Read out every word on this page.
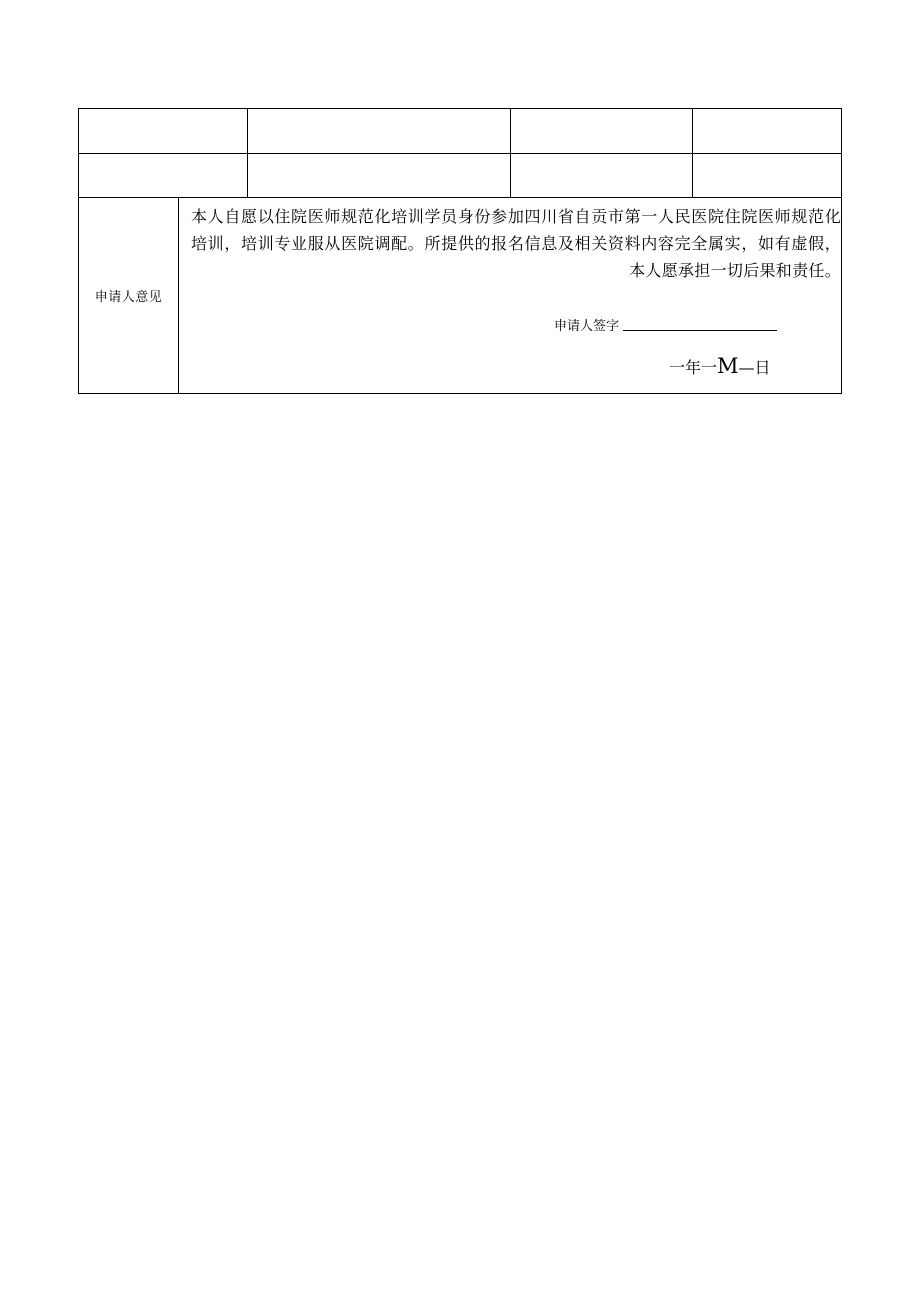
申请人意见

本人自愿以住院医师规范化培训学员身份参加四川省自贡市第一人民医院住院医师规范化培训，培训专业服从医院调配。所提供的报名信息及相关资料内容完全属实，如有虚假，本人愿承担一切后果和责任。

申请人签字
一年一M—日
